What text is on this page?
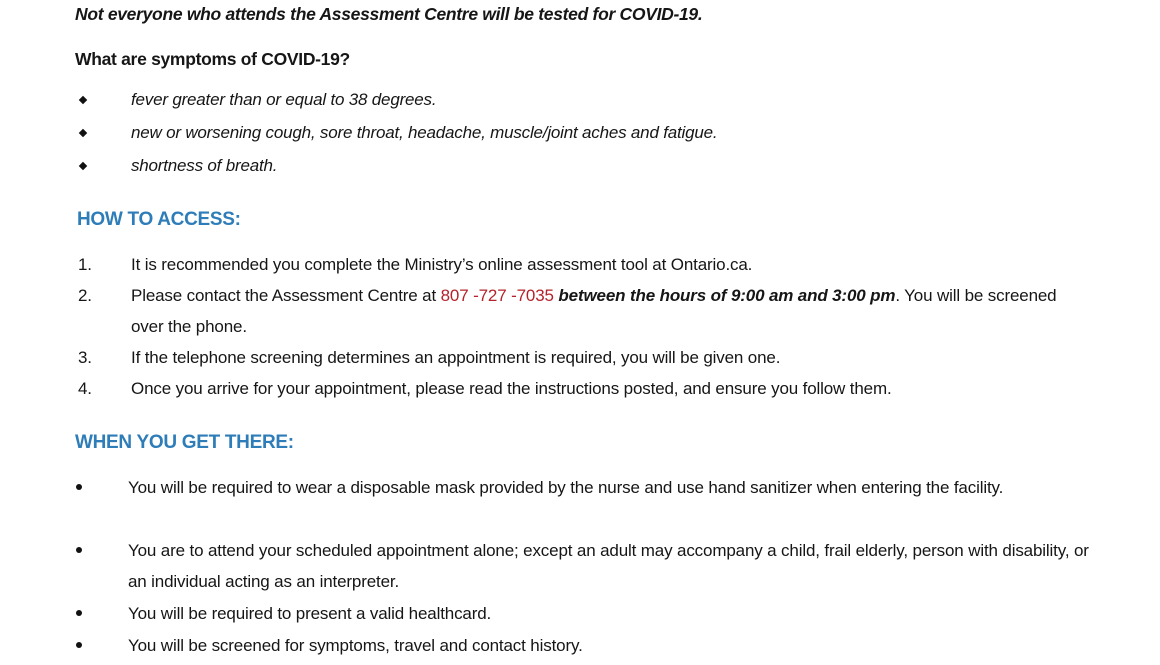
Not everyone who attends the Assessment Centre will be tested for COVID-19.
What are symptoms of COVID-19?
fever greater than or equal to 38 degrees.
new or worsening cough, sore throat, headache, muscle/joint aches and fatigue.
shortness of breath.
HOW TO ACCESS:
1. It is recommended you complete the Ministry’s online assessment tool at Ontario.ca.
2. Please contact the Assessment Centre at 807 -727 -7035 between the hours of 9:00 am and 3:00 pm. You will be screened over the phone.
3. If the telephone screening determines an appointment is required, you will be given one.
4. Once you arrive for your appointment, please read the instructions posted, and ensure you follow them.
WHEN YOU GET THERE:
You will be required to wear a disposable mask provided by the nurse and use hand sanitizer when entering the facility.
You are to attend your scheduled appointment alone; except an adult may accompany a child, frail elderly, person with disability, or an individual acting as an interpreter.
You will be required to present a valid healthcard.
You will be screened for symptoms, travel and contact history.
